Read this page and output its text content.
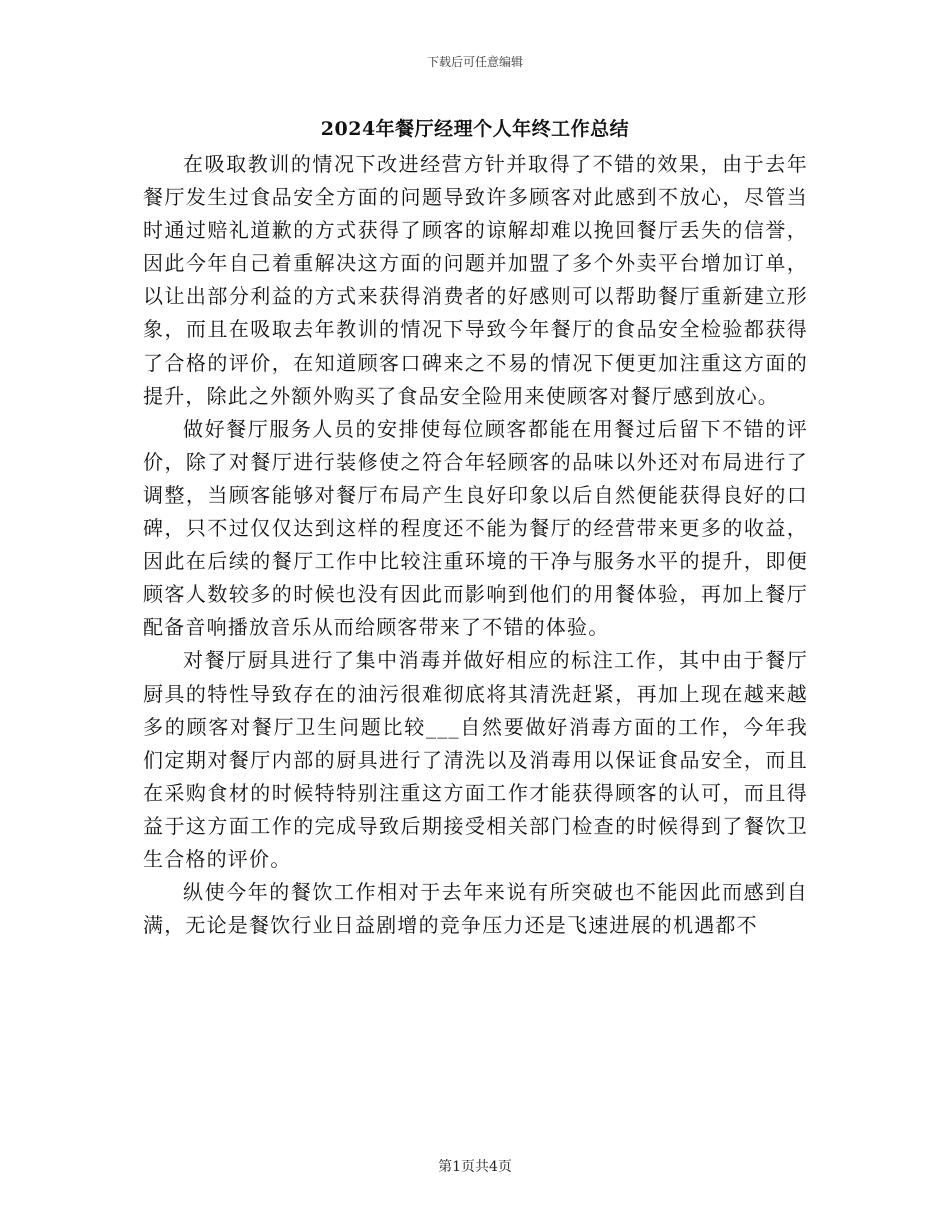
下载后可任意编辑
2024年餐厅经理个人年终工作总结

在吸取教训的情况下改进经营方针并取得了不错的效果，由于去年餐厅发生过食品安全方面的问题导致许多顾客对此感到不放心，尽管当时通过赔礼道歉的方式获得了顾客的谅解却难以挽回餐厅丢失的信誉，因此今年自己着重解决这方面的问题并加盟了多个外卖平台增加订单，以让出部分利益的方式来获得消费者的好感则可以帮助餐厅重新建立形象，而且在吸取去年教训的情况下导致今年餐厅的食品安全检验都获得了合格的评价，在知道顾客口碑来之不易的情况下便更加注重这方面的提升，除此之外额外购买了食品安全险用来使顾客对餐厅感到放心。

做好餐厅服务人员的安排使每位顾客都能在用餐过后留下不错的评价，除了对餐厅进行装修使之符合年轻顾客的品味以外还对布局进行了调整，当顾客能够对餐厅布局产生良好印象以后自然便能获得良好的口碑，只不过仅仅达到这样的程度还不能为餐厅的经营带来更多的收益，因此在后续的餐厅工作中比较注重环境的干净与服务水平的提升，即便顾客人数较多的时候也没有因此而影响到他们的用餐体验，再加上餐厅配备音响播放音乐从而给顾客带来了不错的体验。

对餐厅厨具进行了集中消毒并做好相应的标注工作，其中由于餐厅厨具的特性导致存在的油污很难彻底将其清洗赶紧，再加上现在越来越多的顾客对餐厅卫生问题比较___自然要做好消毒方面的工作，今年我们定期对餐厅内部的厨具进行了清洗以及消毒用以保证食品安全，而且在采购食材的时候特特别注重这方面工作才能获得顾客的认可，而且得益于这方面工作的完成导致后期接受相关部门检查的时候得到了餐饮卫生合格的评价。

纵使今年的餐饮工作相对于去年来说有所突破也不能因此而感到自满，无论是餐饮行业日益剧增的竞争压力还是飞速进展的机遇都不

第1页共4页
